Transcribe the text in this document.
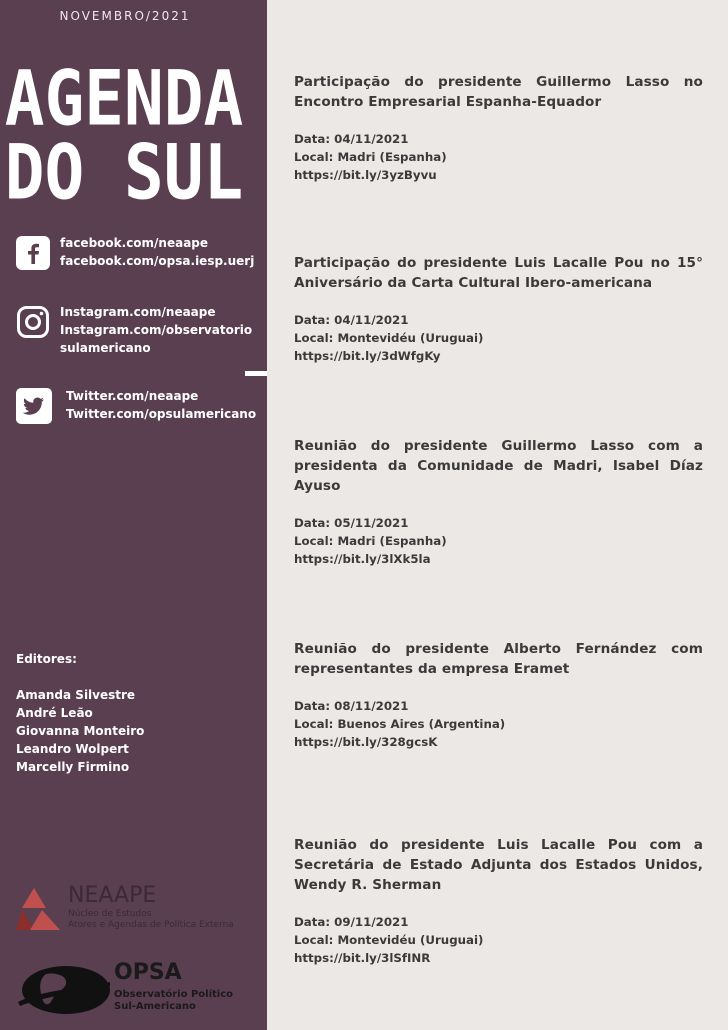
NOVEMBRO/2021
AGENDA
DO SUL
facebook.com/neaape
facebook.com/opsa.iesp.uerj
Instagram.com/neaape
Instagram.com/observatorio
sulamericano
Twitter.com/neaape
Twitter.com/opsulamericano
Editores:
Amanda Silvestre
André Leão
Giovanna Monteiro
Leandro Wolpert
Marcelly Firmino
NEAAPE
Núcleo de Estudos
Atores e Agendas de Política Externa
OPSA
Observatório Político
Sul-Americano
Participação do presidente Guillermo Lasso no Encontro Empresarial Espanha-Equador
Data: 04/11/2021
Local: Madri (Espanha)
https://bit.ly/3yzByvu
Participação do presidente Luis Lacalle Pou no 15° Aniversário da Carta Cultural Ibero-americana
Data: 04/11/2021
Local: Montevidéu (Uruguai)
https://bit.ly/3dWfgKy
Reunião do presidente Guillermo Lasso com a presidenta da Comunidade de Madri, Isabel Díaz Ayuso
Data: 05/11/2021
Local: Madri (Espanha)
https://bit.ly/3lXk5la
Reunião do presidente Alberto Fernández com representantes da empresa Eramet
Data: 08/11/2021
Local: Buenos Aires (Argentina)
https://bit.ly/328gcsK
Reunião do presidente Luis Lacalle Pou com a Secretária de Estado Adjunta dos Estados Unidos, Wendy R. Sherman
Data: 09/11/2021
Local: Montevidéu (Uruguai)
https://bit.ly/3lSfINR
